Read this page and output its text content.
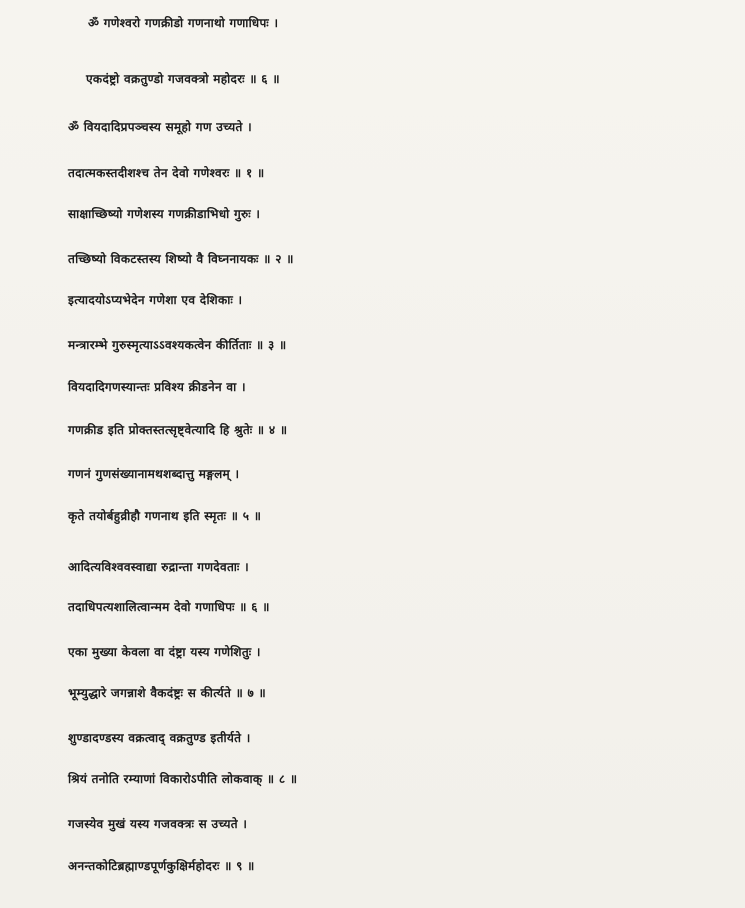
ॐ गणेश्वरो गणक्रीडो गणनाथो गणाधिपः ।
एकदंष्ट्रो वक्रतुण्डो गजवक्त्रो महोदरः ॥ ६ ॥
ॐ वियदादिप्रपञ्चस्य समूहो गण उच्यते ।
तदात्मकस्तदीशश्च तेन देवो गणेश्वरः ॥ १ ॥
साक्षाच्छिष्यो गणेशस्य गणक्रीडाभिधो गुरुः ।
तच्छिष्यो विकटस्तस्य शिष्यो वै विघ्ननायकः ॥ २ ॥
इत्यादयोऽप्यभेदेन गणेशा एव देशिकाः ।
मन्त्रारम्भे गुरुस्मृत्याऽऽवश्यकत्वेन कीर्तिताः ॥ ३ ॥
वियदादिगणस्यान्तः प्रविश्य क्रीडनेन वा ।
गणक्रीड इति प्रोक्तस्तत्सृष्ट्वेत्यादि हि श्रुतेः ॥ ४ ॥
गणनं गुणसंख्यानामथशब्दात्तु मङ्गलम् ।
कृते तयोर्बहुव्रीहौ गणनाथ इति स्मृतः ॥ ५ ॥
आदित्यविश्ववस्वाद्या रुद्रान्ता गणदेवताः ।
तदाधिपत्यशालित्वान्मम देवो गणाधिपः ॥ ६ ॥
एका मुख्या केवला वा दंष्ट्रा यस्य गणेशितुः ।
भूम्युद्धारे जगन्नाशे वैकदंष्ट्रः स कीर्त्यते ॥ ७ ॥
शुण्डादण्डस्य वक्रत्वाद् वक्रतुण्ड इतीर्यते ।
श्रियं तनोति रम्याणां विकारोऽपीति लोकवाक् ॥ ८ ॥
गजस्येव मुखं यस्य गजवक्त्रः स उच्यते ।
अनन्तकोटिब्रह्माण्डपूर्णकुक्षिर्महोदरः ॥ ९ ॥
